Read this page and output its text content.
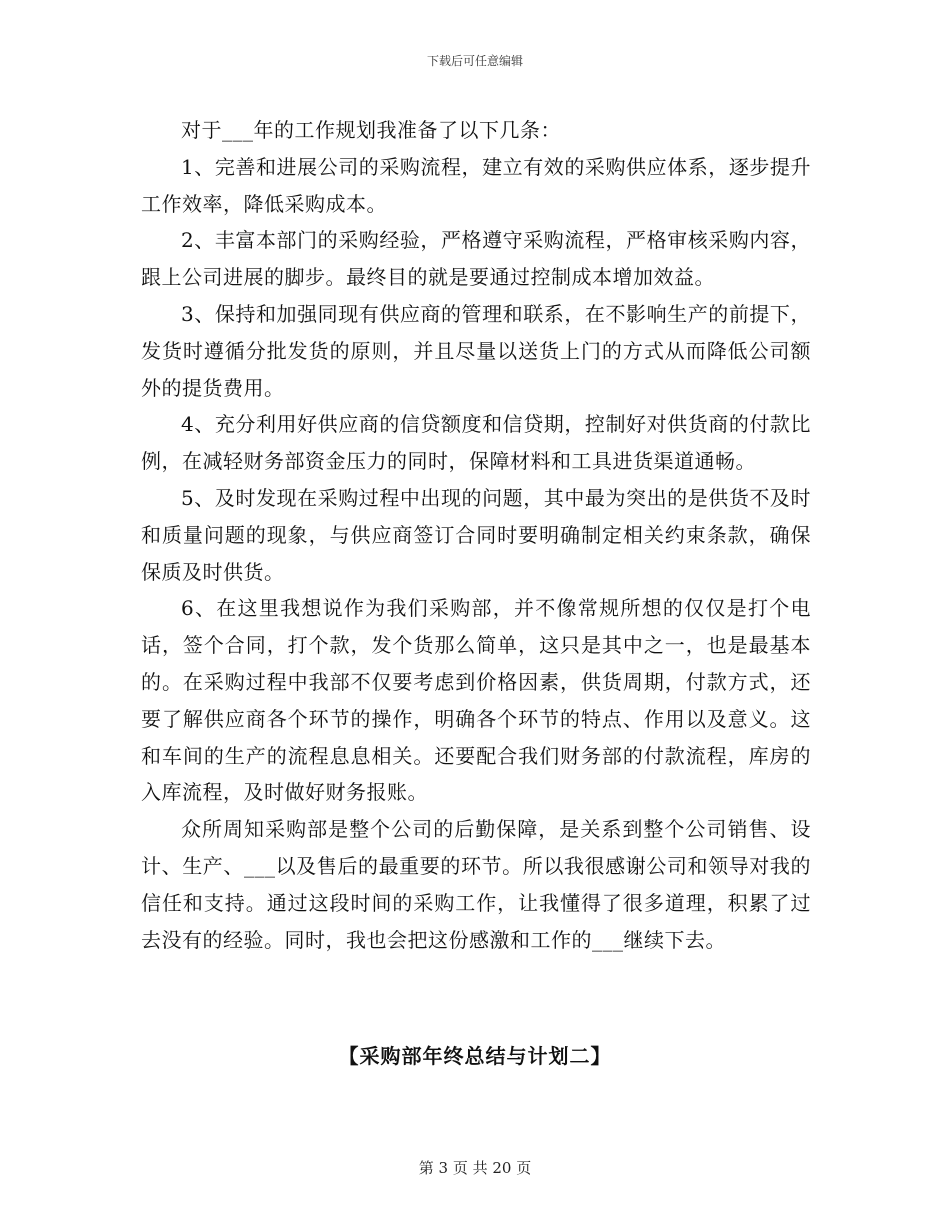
下载后可任意编辑

对于___年的工作规划我准备了以下几条：

1、完善和进展公司的采购流程，建立有效的采购供应体系，逐步提升工作效率，降低采购成本。

2、丰富本部门的采购经验，严格遵守采购流程，严格审核采购内容，跟上公司进展的脚步。最终目的就是要通过控制成本增加效益。

3、保持和加强同现有供应商的管理和联系，在不影响生产的前提下，发货时遵循分批发货的原则，并且尽量以送货上门的方式从而降低公司额外的提货费用。

4、充分利用好供应商的信贷额度和信贷期，控制好对供货商的付款比例，在减轻财务部资金压力的同时，保障材料和工具进货渠道通畅。

5、及时发现在采购过程中出现的问题，其中最为突出的是供货不及时和质量问题的现象，与供应商签订合同时要明确制定相关约束条款，确保保质及时供货。

6、在这里我想说作为我们采购部，并不像常规所想的仅仅是打个电话，签个合同，打个款，发个货那么简单，这只是其中之一，也是最基本的。在采购过程中我部不仅要考虑到价格因素，供货周期，付款方式，还要了解供应商各个环节的操作，明确各个环节的特点、作用以及意义。这和车间的生产的流程息息相关。还要配合我们财务部的付款流程，库房的入库流程，及时做好财务报账。

众所周知采购部是整个公司的后勤保障，是关系到整个公司销售、设计、生产、___以及售后的最重要的环节。所以我很感谢公司和领导对我的信任和支持。通过这段时间的采购工作，让我懂得了很多道理，积累了过去没有的经验。同时，我也会把这份感激和工作的___继续下去。

【采购部年终总结与计划二】
第 3 页 共 20 页
